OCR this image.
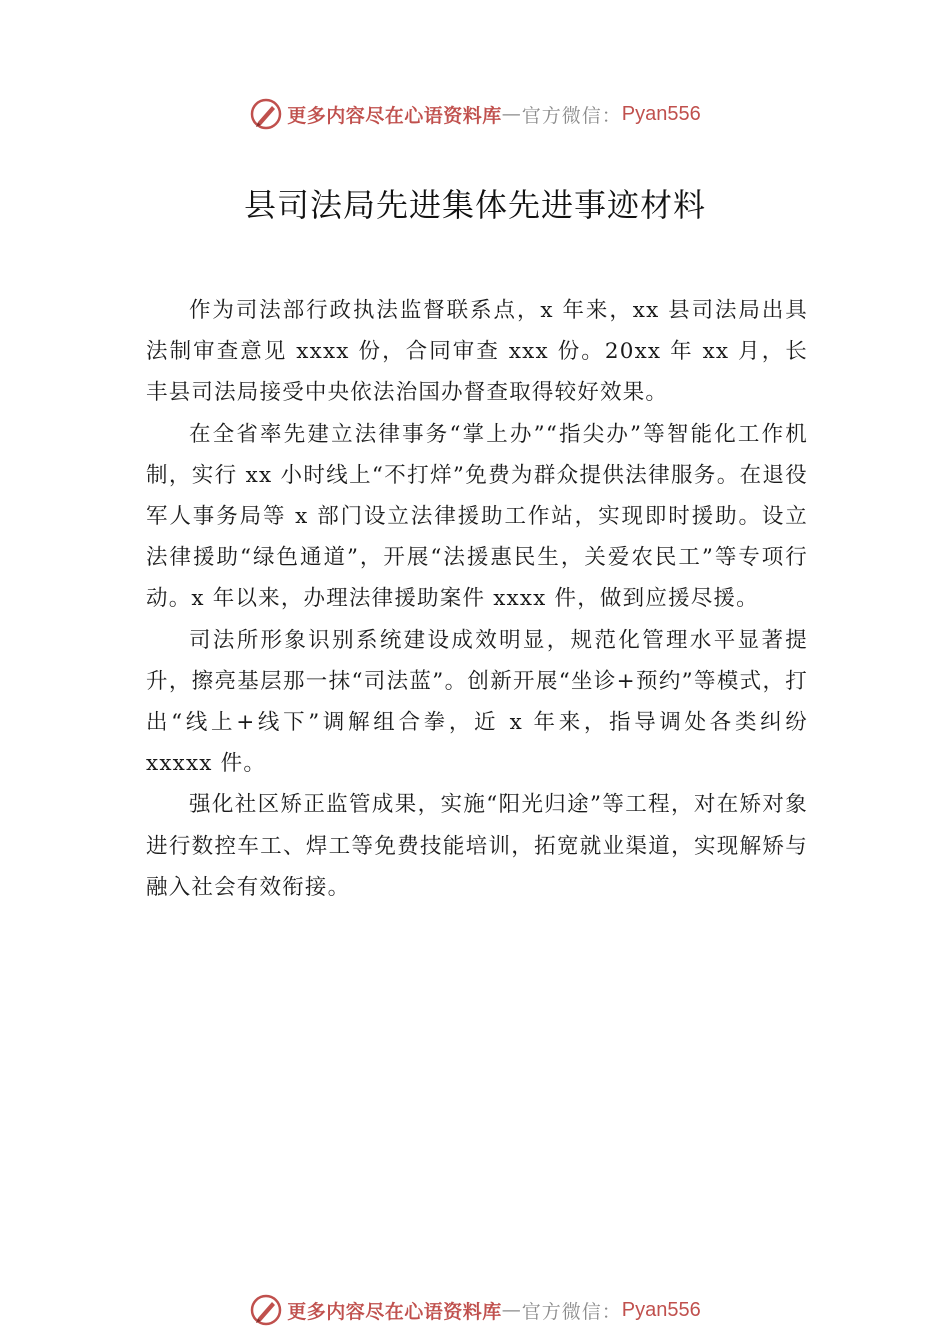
更多内容尽在心语资料库 — 官方微信： Pyan556
县司法局先进集体先进事迹材料

作为司法部行政执法监督联系点，x 年来，xx 县司法局出具法制审查意见 xxxx 份，合同审查 xxx 份。20xx 年 xx 月，长丰县司法局接受中央依法治国办督查取得较好效果。

在全省率先建立法律事务“掌上办”“指尖办”等智能化工作机制，实行 xx 小时线上“不打烊”免费为群众提供法律服务。在退役军人事务局等 x 部门设立法律援助工作站，实现即时援助。设立法律援助“绿色通道”，开展“法援惠民生，关爱农民工”等专项行动。x 年以来，办理法律援助案件 xxxx 件，做到应援尽援。

司法所形象识别系统建设成效明显，规范化管理水平显著提升，擦亮基层那一抹“司法蓝”。创新开展“坐诊+预约”等模式，打出“线上+线下”调解组合拳，近 x 年来，指导调处各类纠纷 xxxxx 件。

强化社区矫正监管成果，实施“阳光归途”等工程，对在矫对象进行数控车工、焊工等免费技能培训，拓宽就业渠道，实现解矫与融入社会有效衔接。

更多内容尽在心语资料库 — 官方微信： Pyan556
